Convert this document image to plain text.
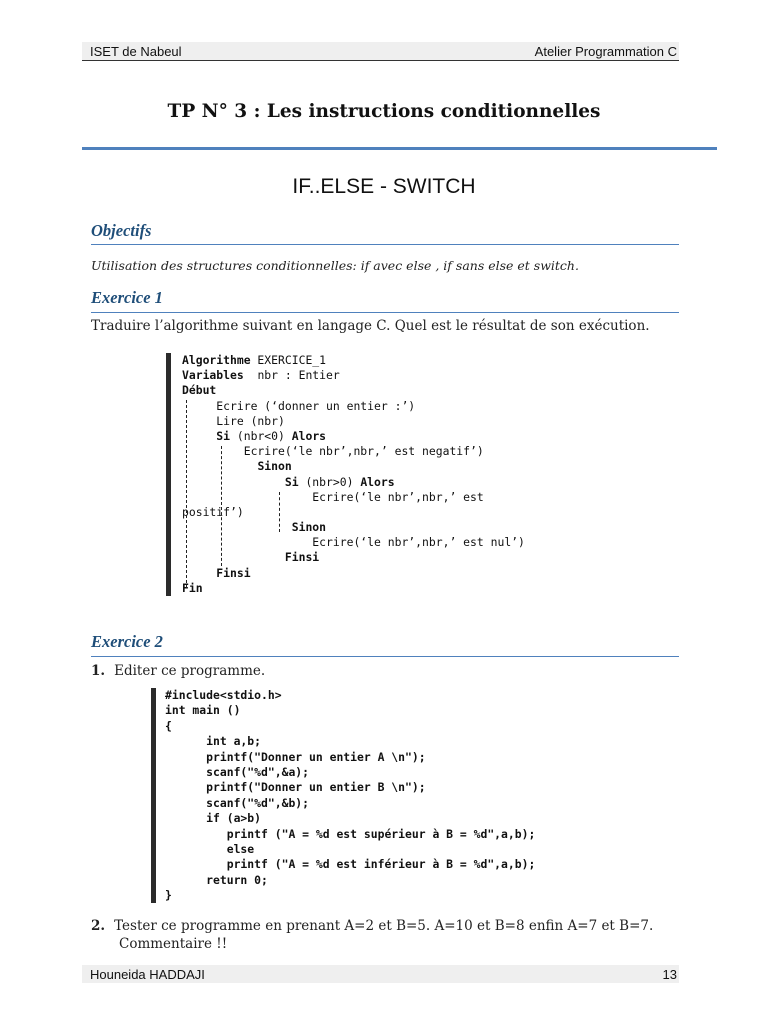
ISET de Nabeul	Atelier Programmation C
TP N° 3 : Les instructions conditionnelles
IF..ELSE - SWITCH
Objectifs
Utilisation des structures conditionnelles: if avec else , if sans else et switch.
Exercice 1
Traduire l’algorithme suivant en langage C. Quel est le résultat de son exécution.
Algorithme EXERCICE_1
Variables  nbr : Entier
Début
Ecrire (‘donner un entier :’)
Lire (nbr)
Si (nbr<0) Alors
Ecrire(‘le nbr’,nbr,’ est negatif’)
Sinon
Si (nbr>0) Alors
Ecrire(‘le nbr’,nbr,’ est
positif’)
Sinon
Ecrire(‘le nbr’,nbr,’ est nul’)
Finsi
Finsi
Fin
Exercice 2
1. Editer ce programme.
#include<stdio.h>
int main ()
{
int a,b;
printf("Donner un entier A \n");
scanf("%d",&a);
printf("Donner un entier B \n");
scanf("%d",&b);
if (a>b)
printf ("A = %d est supérieur à B = %d",a,b);
else
printf ("A = %d est inférieur à B = %d",a,b);
return 0;
}
2. Tester ce programme en prenant A=2 et B=5. A=10 et B=8 enfin A=7 et B=7.
Commentaire !!
Houneida HADDAJI	13
